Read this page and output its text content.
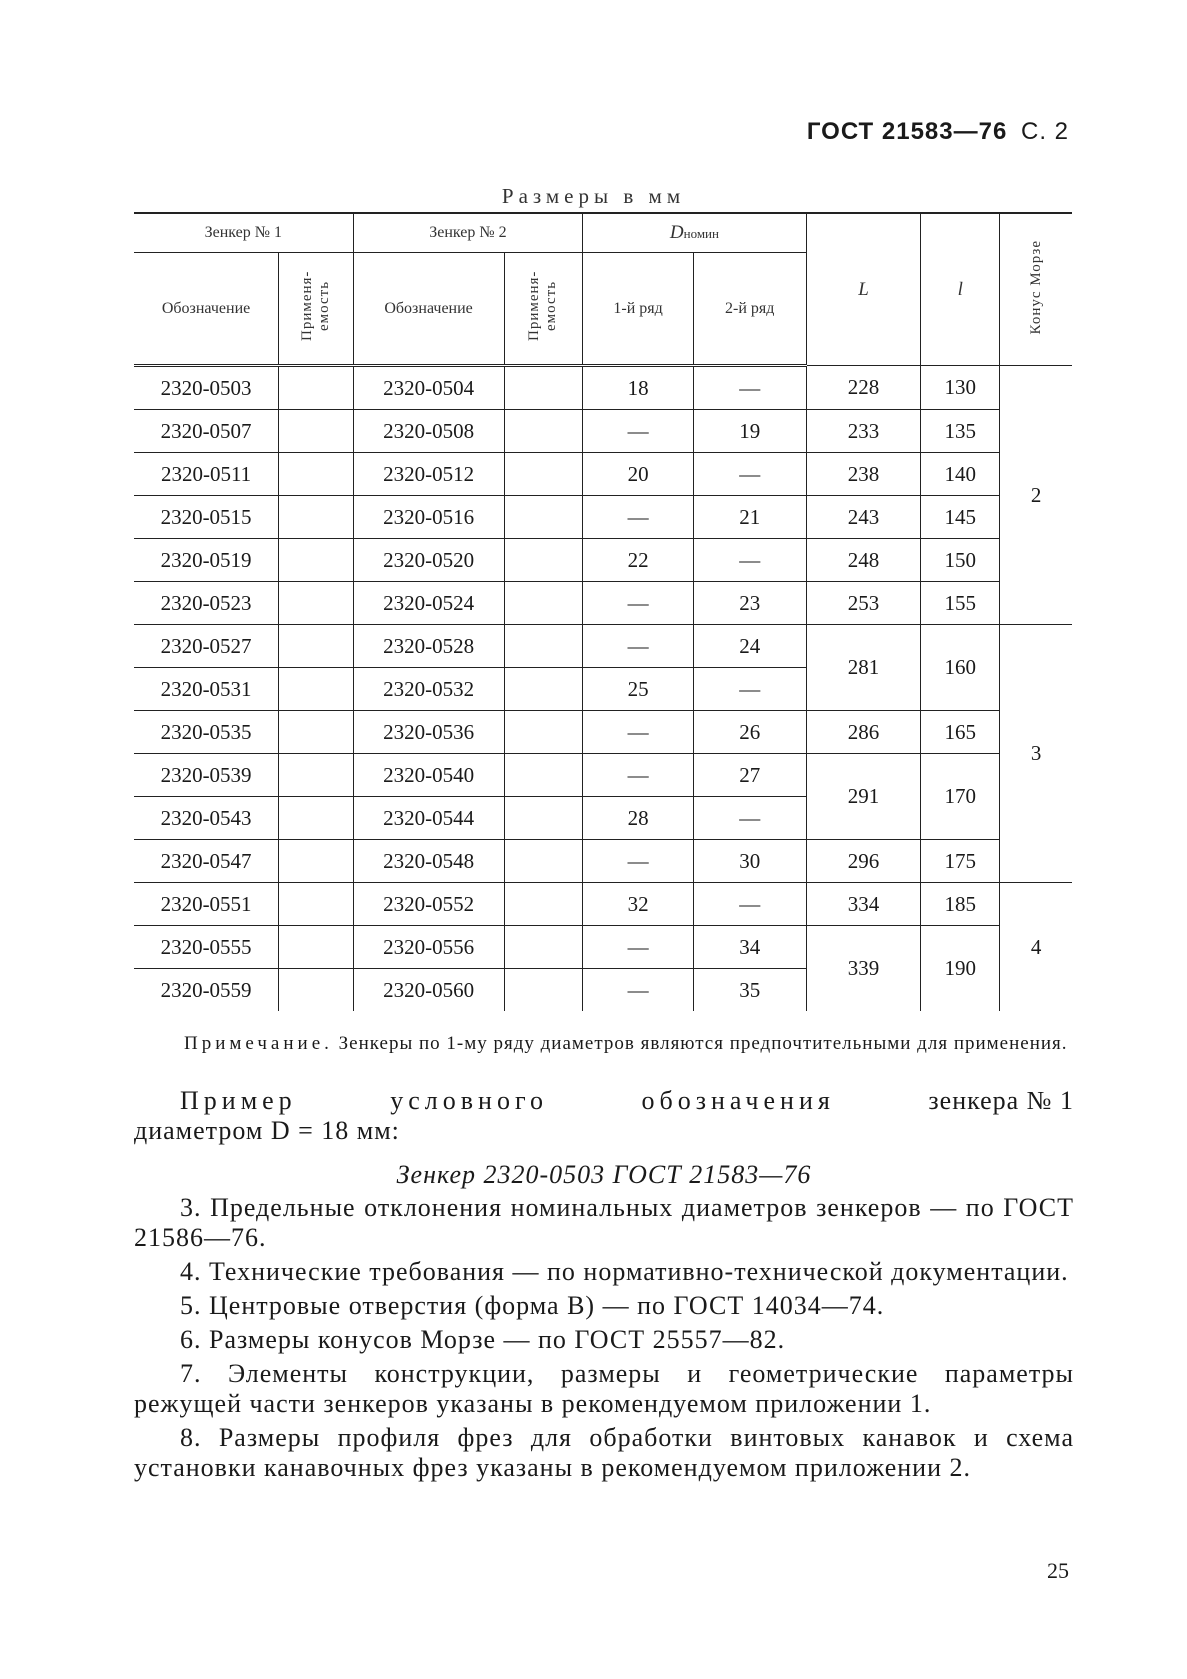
ГОСТ 21583—76 С. 2
Размеры в мм
Зенкер № 1		Зенкер № 2		Dномин		L	l	Конус Морзе
Обозначение	Применя-емость	Обозначение	Применя-емость	1-й ряд	2-й ряд			
2320-0503		2320-0504		18	—	228	130	2
2320-0507		2320-0508		—	19	233	135	
2320-0511		2320-0512		20	—	238	140	
2320-0515		2320-0516		—	21	243	145	
2320-0519		2320-0520		22	—	248	150	
2320-0523		2320-0524		—	23	253	155	
2320-0527		2320-0528		—	24	281	160	3
2320-0531		2320-0532		25	—			
2320-0535		2320-0536		—	26	286	165	
2320-0539		2320-0540		—	27	291	170	
2320-0543		2320-0544		28	—			
2320-0547		2320-0548		—	30	296	175	
2320-0551		2320-0552		32	—	334	185	4
2320-0555		2320-0556		—	34	339	190	
2320-0559		2320-0560		—	35			
Примечание. Зенкеры по 1-му ряду диаметров являются предпочтительными для применения.
Пример	условного	обозначения	зенкера № 1
диаметром D = 18 мм:
Зенкер 2320-0503 ГОСТ 21583—76

3. Предельные отклонения номинальных диаметров зенкеров — по ГОСТ 21586—76.

4. Технические требования — по нормативно-технической документации.

5. Центровые отверстия (форма B) — по ГОСТ 14034—74.

6. Размеры конусов Морзе — по ГОСТ 25557—82.

7. Элементы конструкции, размеры и геометрические параметры режущей части зенкеров указаны в рекомендуемом приложении 1.

8. Размеры профиля фрез для обработки винтовых канавок и схема установки канавочных фрез указаны в рекомендуемом приложении 2.

25
